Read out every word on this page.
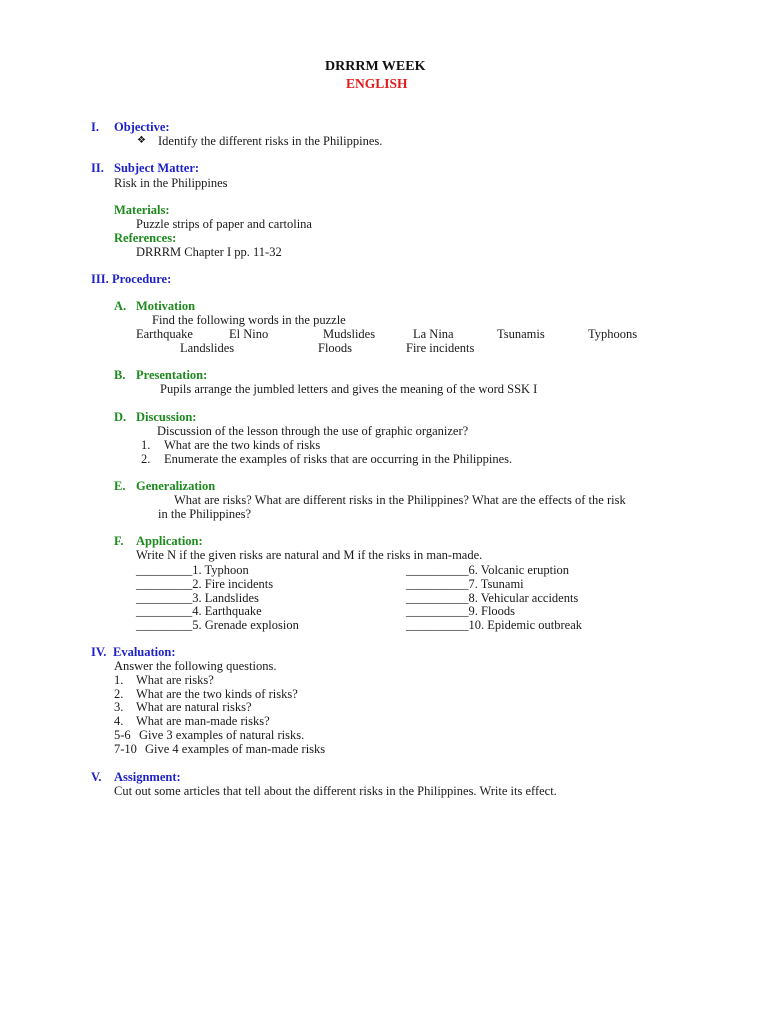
DRRRM WEEK
ENGLISH
I. Objective:
❖ Identify the different risks in the Philippines.
II. Subject Matter:
Risk in the Philippines
Materials:
Puzzle strips of paper and cartolina
References:
DRRRM Chapter I pp. 11-32
III. Procedure:
A. Motivation
Find the following words in the puzzle
Earthquake	El Nino	Mudslides	La Nina	Tsunamis	Typhoons
Landslides	Floods	Fire incidents
B. Presentation:
Pupils arrange the jumbled letters and gives the meaning of the word SSK I
D. Discussion:
Discussion of the lesson through the use of graphic organizer?
1. What are the two kinds of risks
2. Enumerate the examples of risks that are occurring in the Philippines.
E. Generalization
What are risks? What are different risks in the Philippines? What are the effects of the risk
in the Philippines?
F. Application:
Write N if the given risks are natural and M if the risks in man-made.
_________1. Typhoon
_________2. Fire incidents
_________3. Landslides
_________4. Earthquake
_________5. Grenade explosion
__________6. Volcanic eruption
__________7. Tsunami
__________8. Vehicular accidents
__________9. Floods
__________10. Epidemic outbreak
IV. Evaluation:
Answer the following questions.
1. What are risks?
2. What are the two kinds of risks?
3. What are natural risks?
4. What are man-made risks?
5-6 Give 3 examples of natural risks.
7-10 Give 4 examples of man-made risks
V. Assignment:
Cut out some articles that tell about the different risks in the Philippines. Write its effect.
